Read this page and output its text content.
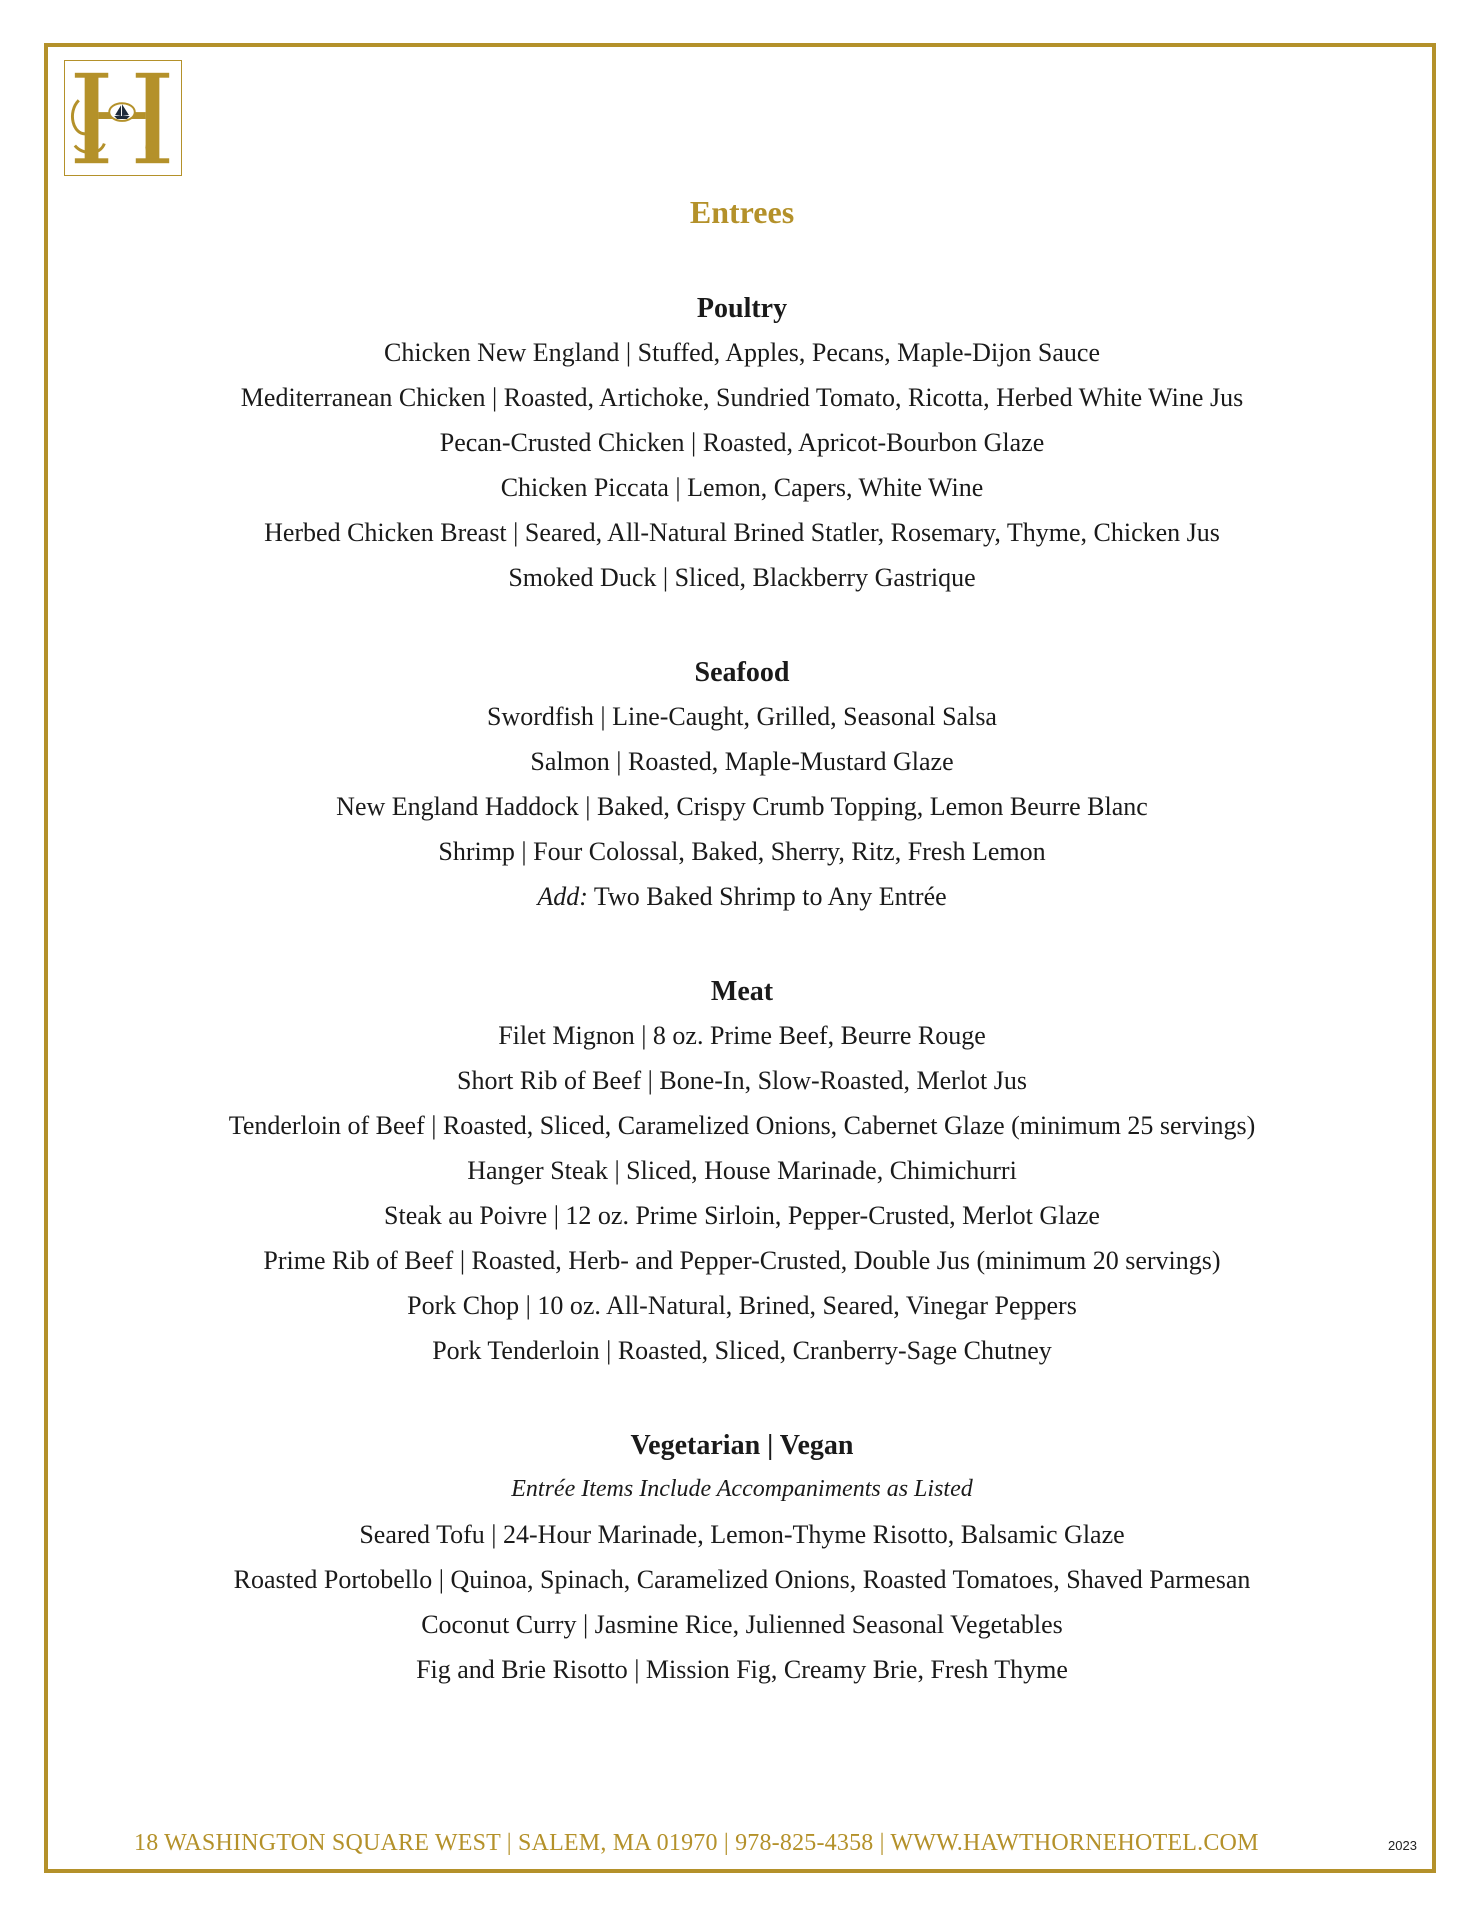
Entrees
Poultry

Chicken New England | Stuffed, Apples, Pecans, Maple-Dijon Sauce

Mediterranean Chicken | Roasted, Artichoke, Sundried Tomato, Ricotta, Herbed White Wine Jus

Pecan-Crusted Chicken | Roasted, Apricot-Bourbon Glaze

Chicken Piccata | Lemon, Capers, White Wine

Herbed Chicken Breast | Seared, All-Natural Brined Statler, Rosemary, Thyme, Chicken Jus

Smoked Duck | Sliced, Blackberry Gastrique

Seafood

Swordfish | Line-Caught, Grilled, Seasonal Salsa

Salmon | Roasted, Maple-Mustard Glaze

New England Haddock | Baked, Crispy Crumb Topping, Lemon Beurre Blanc

Shrimp | Four Colossal, Baked, Sherry, Ritz, Fresh Lemon

Add: Two Baked Shrimp to Any Entrée

Meat

Filet Mignon | 8 oz. Prime Beef, Beurre Rouge

Short Rib of Beef | Bone-In, Slow-Roasted, Merlot Jus

Tenderloin of Beef | Roasted, Sliced, Caramelized Onions, Cabernet Glaze (minimum 25 servings)

Hanger Steak | Sliced, House Marinade, Chimichurri

Steak au Poivre | 12 oz. Prime Sirloin, Pepper-Crusted, Merlot Glaze

Prime Rib of Beef | Roasted, Herb- and Pepper-Crusted, Double Jus (minimum 20 servings)

Pork Chop | 10 oz. All-Natural, Brined, Seared, Vinegar Peppers

Pork Tenderloin | Roasted, Sliced, Cranberry-Sage Chutney

Vegetarian | Vegan

Entrée Items Include Accompaniments as Listed

Seared Tofu | 24-Hour Marinade, Lemon-Thyme Risotto, Balsamic Glaze

Roasted Portobello | Quinoa, Spinach, Caramelized Onions, Roasted Tomatoes, Shaved Parmesan

Coconut Curry | Jasmine Rice, Julienned Seasonal Vegetables

Fig and Brie Risotto | Mission Fig, Creamy Brie, Fresh Thyme

18 WASHINGTON SQUARE WEST | SALEM, MA 01970 | 978-825-4358 | WWW.HAWTHORNEHOTEL.COM	2023
